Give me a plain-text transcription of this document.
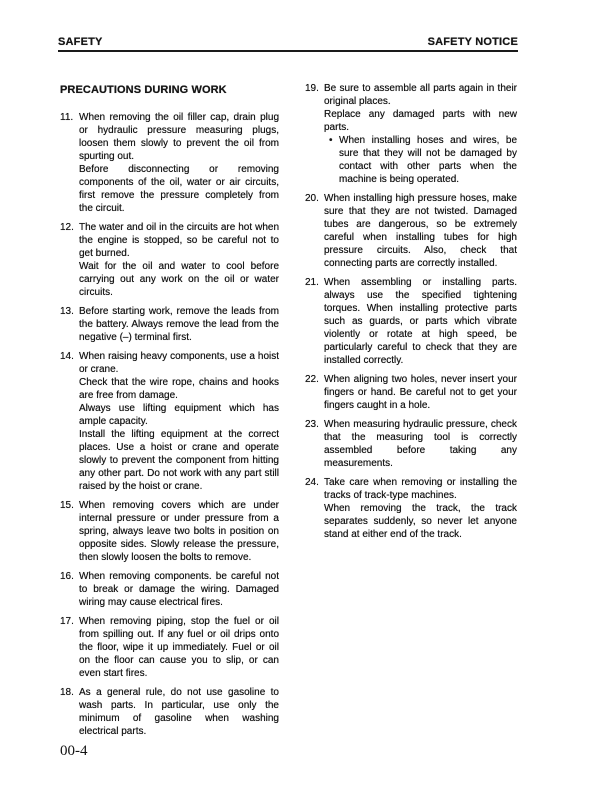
SAFETY	SAFETY NOTICE
PRECAUTIONS DURING WORK
11. When removing the oil filler cap, drain plug or hydraulic pressure measuring plugs, loosen them slowly to prevent the oil from spurting out.

Before disconnecting or removing components of the oil, water or air circuits, first remove the pressure completely from the circuit.

12. The water and oil in the circuits are hot when the engine is stopped, so be careful not to get burned.

Wait for the oil and water to cool before carrying out any work on the oil or water circuits.

13. Before starting work, remove the leads from the battery. Always remove the lead from the negative (–) terminal first.

14. When raising heavy components, use a hoist or crane.

Check that the wire rope, chains and hooks are free from damage.

Always use lifting equipment which has ample capacity.

Install the lifting equipment at the correct places. Use a hoist or crane and operate slowly to prevent the component from hitting any other part. Do not work with any part still raised by the hoist or crane.

15. When removing covers which are under internal pressure or under pressure from a spring, always leave two bolts in position on opposite sides. Slowly release the pressure, then slowly loosen the bolts to remove.

16. When removing components. be careful not to break or damage the wiring. Damaged wiring may cause electrical fires.

17. When removing piping, stop the fuel or oil from spilling out. If any fuel or oil drips onto the floor, wipe it up immediately. Fuel or oil on the floor can cause you to slip, or can even start fires.

18. As a general rule, do not use gasoline to wash parts. In particular, use only the minimum of gasoline when washing electrical parts.

19. Be sure to assemble all parts again in their original places.

Replace any damaged parts with new parts.

• When installing hoses and wires, be sure that they will not be damaged by contact with other parts when the machine is being operated.

20. When installing high pressure hoses, make sure that they are not twisted. Damaged tubes are dangerous, so be extremely careful when installing tubes for high pressure circuits. Also, check that connecting parts are correctly installed.

21. When assembling or installing parts. always use the specified tightening torques. When installing protective parts such as guards, or parts which vibrate violently or rotate at high speed, be particularly careful to check that they are installed correctly.

22. When aligning two holes, never insert your fingers or hand. Be careful not to get your fingers caught in a hole.

23. When measuring hydraulic pressure, check that the measuring tool is correctly assembled before taking any measurements.

24. Take care when removing or installing the tracks of track-type machines.

When removing the track, the track separates suddenly, so never let anyone stand at either end of the track.

00-4
